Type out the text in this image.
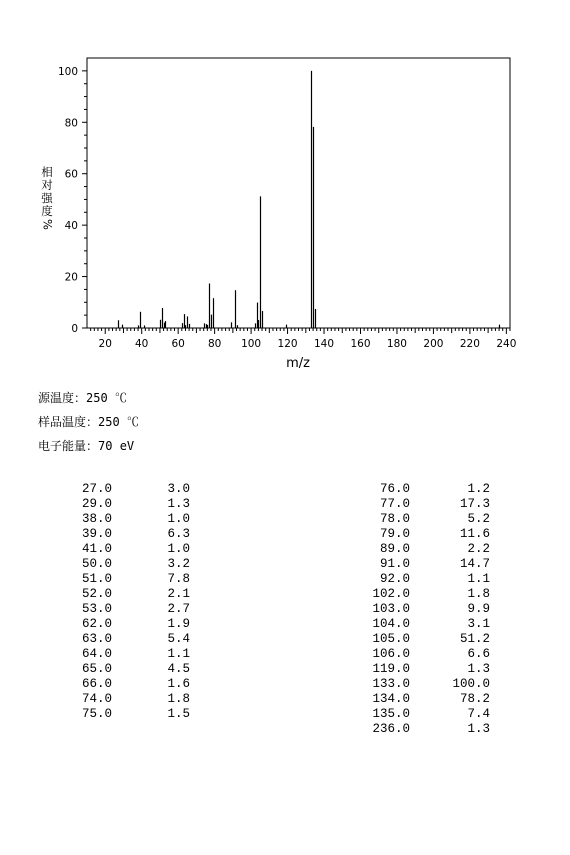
0
20
40
60
80
100
20 40 60 80 100 120 140 160 180 200 220 240
m/z
相
对
强
度
%
源温度：250 ℃
样品温度：250 ℃
电子能量：70 eV
27.0	3.0
29.0	1.3
38.0	1.0
39.0	6.3
41.0	1.0
50.0	3.2
51.0	7.8
52.0	2.1
53.0	2.7
62.0	1.9
63.0	5.4
64.0	1.1
65.0	4.5
66.0	1.6
74.0	1.8
75.0	1.5
76.0	1.2
77.0	17.3
78.0	5.2
79.0	11.6
89.0	2.2
91.0	14.7
92.0	1.1
102.0	1.8
103.0	9.9
104.0	3.1
105.0	51.2
106.0	6.6
119.0	1.3
133.0	100.0
134.0	78.2
135.0	7.4
236.0	1.3
